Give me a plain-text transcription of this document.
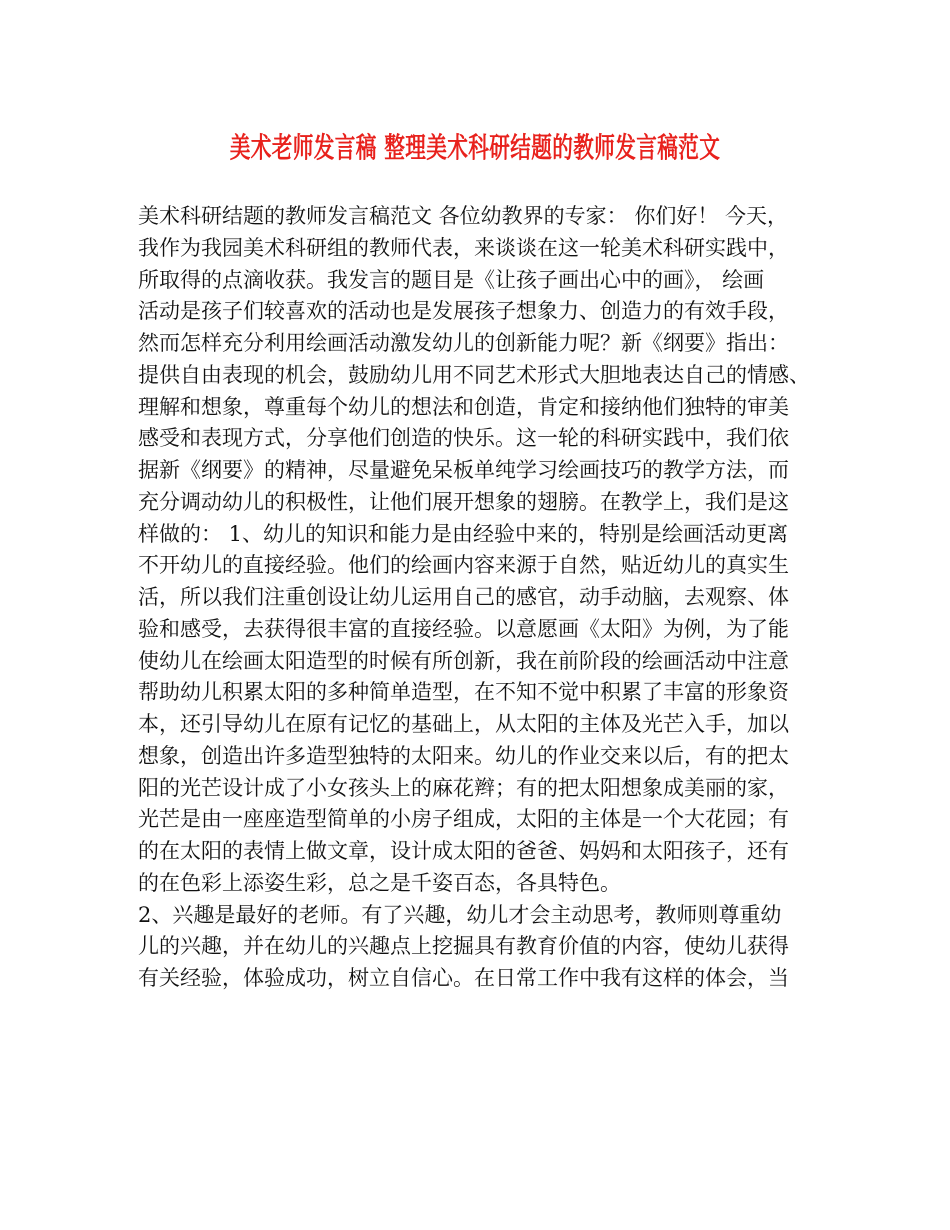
美术老师发言稿 整理美术科研结题的教师发言稿范文
美术科研结题的教师发言稿范文 各位幼教界的专家： 你们好！ 今天，
我作为我园美术科研组的教师代表，来谈谈在这一轮美术科研实践中，
所取得的点滴收获。我发言的题目是《让孩子画出心中的画》， 绘画
活动是孩子们较喜欢的活动也是发展孩子想象力、创造力的有效手段，
然而怎样充分利用绘画活动激发幼儿的创新能力呢？新《纲要》指出：
提供自由表现的机会，鼓励幼儿用不同艺术形式大胆地表达自己的情感、
理解和想象，尊重每个幼儿的想法和创造，肯定和接纳他们独特的审美
感受和表现方式，分享他们创造的快乐。这一轮的科研实践中，我们依
据新《纲要》的精神，尽量避免呆板单纯学习绘画技巧的教学方法，而
充分调动幼儿的积极性，让他们展开想象的翅膀。在教学上，我们是这
样做的： 1、幼儿的知识和能力是由经验中来的，特别是绘画活动更离
不开幼儿的直接经验。他们的绘画内容来源于自然，贴近幼儿的真实生
活，所以我们注重创设让幼儿运用自己的感官，动手动脑，去观察、体
验和感受，去获得很丰富的直接经验。以意愿画《太阳》为例，为了能
使幼儿在绘画太阳造型的时候有所创新，我在前阶段的绘画活动中注意
帮助幼儿积累太阳的多种简单造型，在不知不觉中积累了丰富的形象资
本，还引导幼儿在原有记忆的基础上，从太阳的主体及光芒入手，加以
想象，创造出许多造型独特的太阳来。幼儿的作业交来以后，有的把太
阳的光芒设计成了小女孩头上的麻花辫；有的把太阳想象成美丽的家，
光芒是由一座座造型简单的小房子组成，太阳的主体是一个大花园；有
的在太阳的表情上做文章，设计成太阳的爸爸、妈妈和太阳孩子，还有
的在色彩上添姿生彩，总之是千姿百态，各具特色。
2、兴趣是最好的老师。有了兴趣，幼儿才会主动思考，教师则尊重幼
儿的兴趣，并在幼儿的兴趣点上挖掘具有教育价值的内容，使幼儿获得
有关经验，体验成功，树立自信心。在日常工作中我有这样的体会，当
